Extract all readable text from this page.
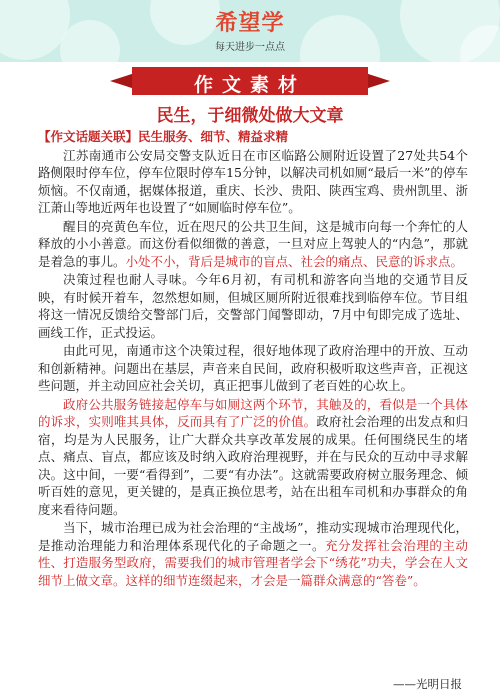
希望学
每天进步一点点
作文素材
民生，于细微处做大文章
【作文话题关联】民生服务、细节、精益求精

江苏南通市公安局交警支队近日在市区临路公厕附近设置了27处共54个路侧限时停车位，停车位限时停车15分钟，以解决司机如厕“最后一米”的停车烦恼。不仅南通，据媒体报道，重庆、长沙、贵阳、陕西宝鸡、贵州凯里、浙江萧山等地近两年也设置了“如厕临时停车位”。

醒目的亮黄色车位，近在咫尺的公共卫生间，这是城市向每一个奔忙的人释放的小小善意。而这份看似细微的善意，一旦对应上驾驶人的“内急”，那就是着急的事儿。小处不小，背后是城市的盲点、社会的痛点、民意的诉求点。

决策过程也耐人寻味。今年6月初，有司机和游客向当地的交通节目反映，有时候开着车，忽然想如厕，但城区厕所附近很难找到临停车位。节目组将这一情况反馈给交警部门后，交警部门闻警即动，7月中旬即完成了选址、画线工作，正式投运。

由此可见，南通市这个决策过程，很好地体现了政府治理中的开放、互动和创新精神。问题出在基层，声音来自民间，政府积极听取这些声音，正视这些问题，并主动回应社会关切，真正把事儿做到了老百姓的心坎上。

政府公共服务链接起停车与如厕这两个环节，其触及的，看似是一个具体的诉求，实则唯其具体，反而具有了广泛的价值。政府社会治理的出发点和归宿，均是为人民服务，让广大群众共享改革发展的成果。任何围绕民生的堵点、痛点、盲点，都应该及时纳入政府治理视野，并在与民众的互动中寻求解决。这中间，一要“看得到”，二要“有办法”。这就需要政府树立服务理念、倾听百姓的意见，更关键的，是真正换位思考，站在出租车司机和办事群众的角度来看待问题。

当下，城市治理已成为社会治理的“主战场”，推动实现城市治理现代化，是推动治理能力和治理体系现代化的子命题之一。充分发挥社会治理的主动性、打造服务型政府，需要我们的城市管理者学会下“绣花”功夫，学会在人文细节上做文章。这样的细节连缀起来，才会是一篇群众满意的“答卷”。

——光明日报
